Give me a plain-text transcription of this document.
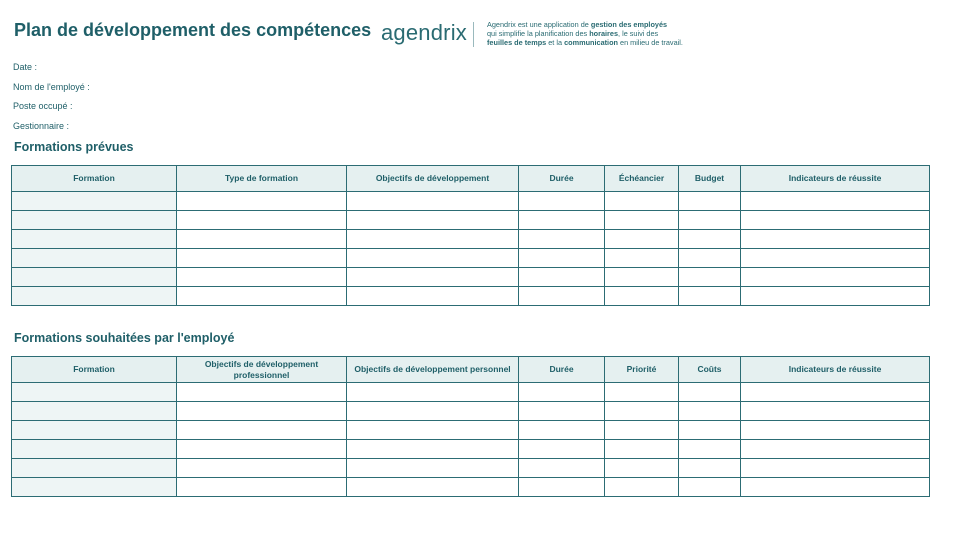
Plan de développement des compétences agendrix	Agendrix est une application de gestion des employés
qui simplifie la planification des horaires, le suivi des
feuilles de temps et la communication en milieu de travail.
Date :
Nom de l'employé :
Poste occupé :
Gestionnaire :
Formations prévues
Formation	Type de formation	Objectifs de développement	Durée	Échéancier	Budget	Indicateurs de réussite

Formations souhaitées par l'employé
Formation	Objectifs de développement professionnel	Objectifs de développement personnel	Durée	Priorité	Coûts	Indicateurs de réussite
